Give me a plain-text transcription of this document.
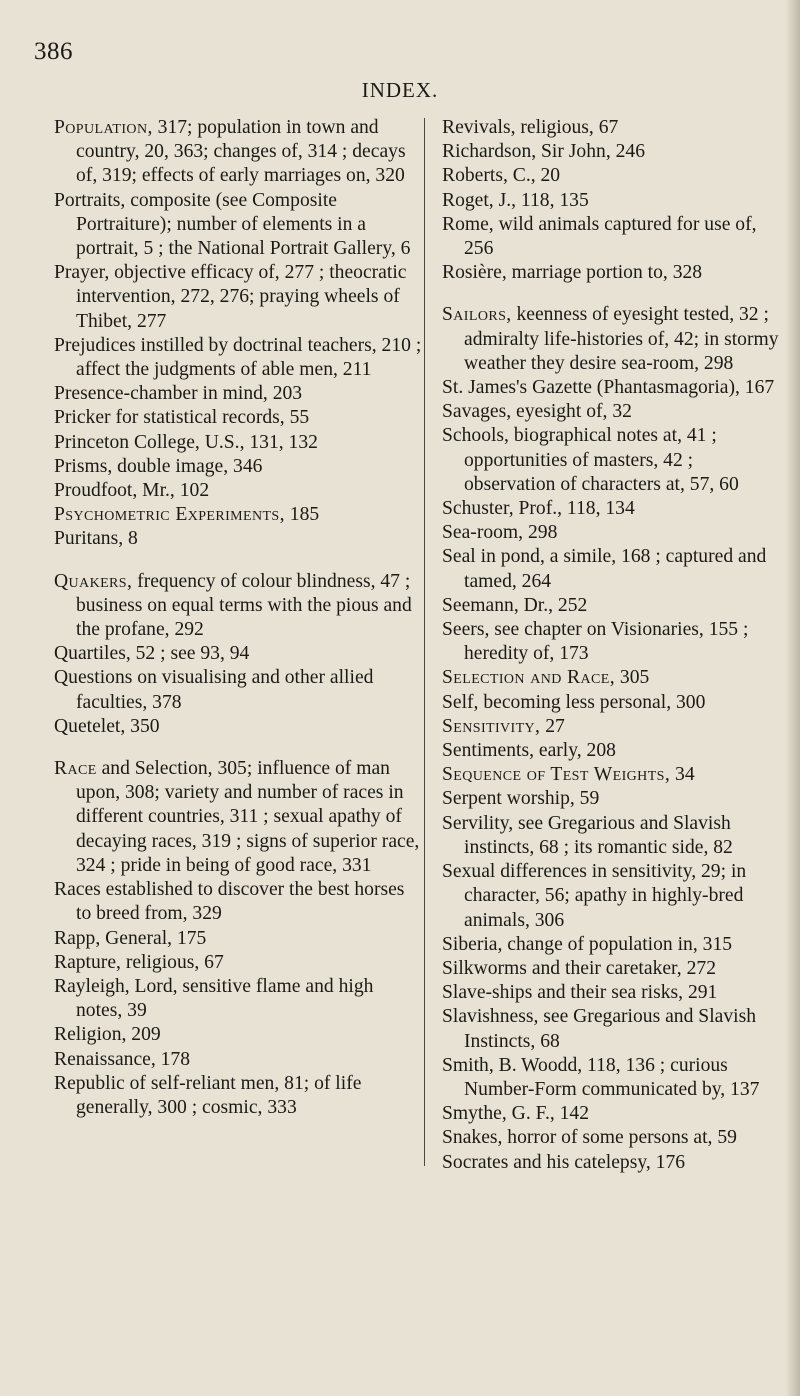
386
INDEX.

Population, 317; population in town and country, 20, 363; changes of, 314 ; decays of, 319; effects of early marriages on, 320

Portraits, composite (see Composite Portraiture); number of elements in a portrait, 5 ; the National Portrait Gallery, 6

Prayer, objective efficacy of, 277 ; theocratic intervention, 272, 276; praying wheels of Thibet, 277

Prejudices instilled by doctrinal teachers, 210 ; affect the judgments of able men, 211

Presence-chamber in mind, 203

Pricker for statistical records, 55

Princeton College, U.S., 131, 132

Prisms, double image, 346

Proudfoot, Mr., 102

Psychometric Experiments, 185

Puritans, 8

Quakers, frequency of colour blindness, 47 ; business on equal terms with the pious and the profane, 292

Quartiles, 52 ; see 93, 94

Questions on visualising and other allied faculties, 378

Quetelet, 350

Race and Selection, 305; influence of man upon, 308; variety and number of races in different countries, 311 ; sexual apathy of decaying races, 319 ; signs of superior race, 324 ; pride in being of good race, 331

Races established to discover the best horses to breed from, 329

Rapp, General, 175

Rapture, religious, 67

Rayleigh, Lord, sensitive flame and high notes, 39

Religion, 209

Renaissance, 178

Republic of self-reliant men, 81; of life generally, 300 ; cosmic, 333

Revivals, religious, 67

Richardson, Sir John, 246

Roberts, C., 20

Roget, J., 118, 135

Rome, wild animals captured for use of, 256

Rosière, marriage portion to, 328

Sailors, keenness of eyesight tested, 32 ; admiralty life-histories of, 42; in stormy weather they desire sea-room, 298

St. James's Gazette (Phantasmagoria), 167

Savages, eyesight of, 32

Schools, biographical notes at, 41 ; opportunities of masters, 42 ; observation of characters at, 57, 60

Schuster, Prof., 118, 134

Sea-room, 298

Seal in pond, a simile, 168 ; captured and tamed, 264

Seemann, Dr., 252

Seers, see chapter on Visionaries, 155 ; heredity of, 173

Selection and Race, 305

Self, becoming less personal, 300

Sensitivity, 27

Sentiments, early, 208

Sequence of Test Weights, 34

Serpent worship, 59

Servility, see Gregarious and Slavish instincts, 68 ; its romantic side, 82

Sexual differences in sensitivity, 29; in character, 56; apathy in highly-bred animals, 306

Siberia, change of population in, 315

Silkworms and their caretaker, 272

Slave-ships and their sea risks, 291

Slavishness, see Gregarious and Slavish Instincts, 68

Smith, B. Woodd, 118, 136 ; curious Number-Form communicated by, 137

Smythe, G. F., 142

Snakes, horror of some persons at, 59

Socrates and his catelepsy, 176
